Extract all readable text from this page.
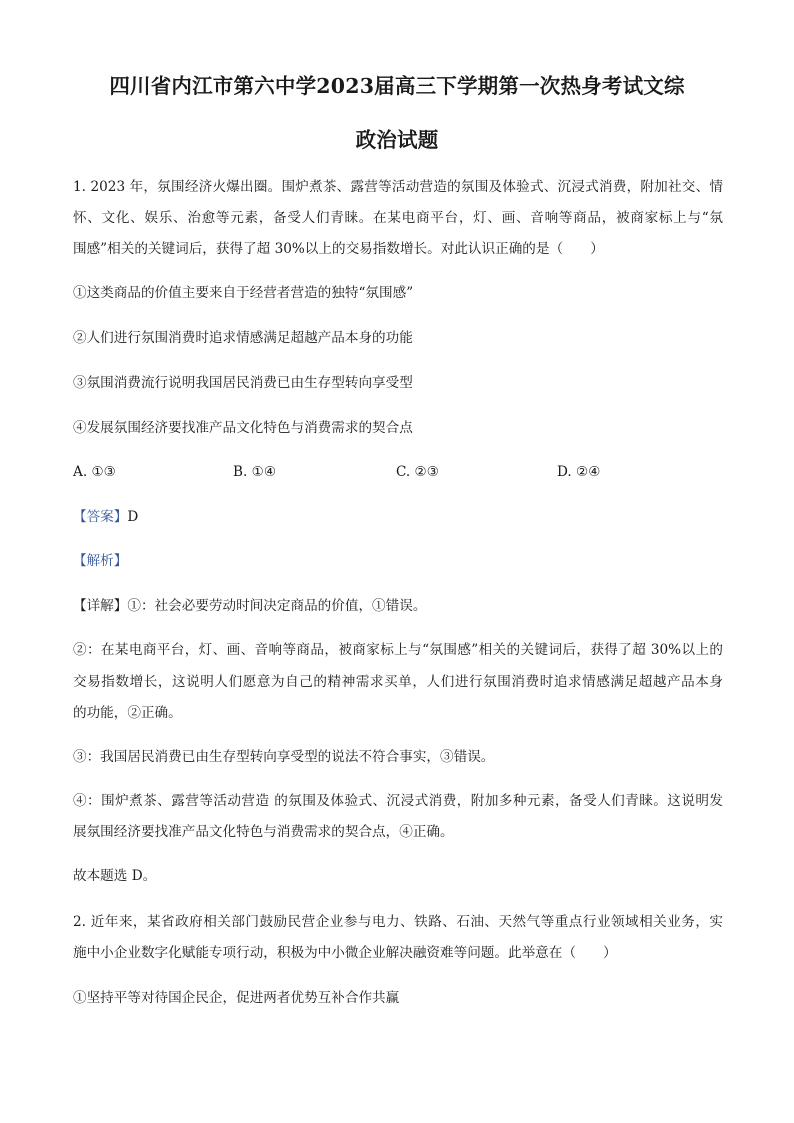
四川省内江市第六中学2023届高三下学期第一次热身考试文综
政治试题
1. 2023 年，氛围经济火爆出圈。围炉煮茶、露营等活动营造的氛围及体验式、沉浸式消费，附加社交、情
怀、文化、娱乐、治愈等元素，备受人们青睐。在某电商平台，灯、画、音响等商品，被商家标上与“氛
围感”相关的关键词后，获得了超 30%以上的交易指数增长。对此认识正确的是（　　）
①这类商品的价值主要来自于经营者营造的独特“氛围感”
②人们进行氛围消费时追求情感满足超越产品本身的功能
③氛围消费流行说明我国居民消费已由生存型转向享受型
④发展氛围经济要找准产品文化特色与消费需求的契合点
A. ①③	B. ①④	C. ②③	D. ②④
【答案】D
【解析】
【详解】①：社会必要劳动时间决定商品的价值，①错误。
②：在某电商平台，灯、画、音响等商品，被商家标上与“氛围感”相关的关键词后，获得了超 30%以上的
交易指数增长，这说明人们愿意为自己的精神需求买单，人们进行氛围消费时追求情感满足超越产品本身
的功能，②正确。
③：我国居民消费已由生存型转向享受型的说法不符合事实，③错误。
④：围炉煮茶、露营等活动营造 的氛围及体验式、沉浸式消费，附加多种元素，备受人们青睐。这说明发
展氛围经济要找准产品文化特色与消费需求的契合点，④正确。
故本题选 D。
2. 近年来，某省政府相关部门鼓励民营企业参与电力、铁路、石油、天然气等重点行业领域相关业务，实
施中小企业数字化赋能专项行动，积极为中小微企业解决融资难等问题。此举意在（　　）
①坚持平等对待国企民企，促进两者优势互补合作共赢
